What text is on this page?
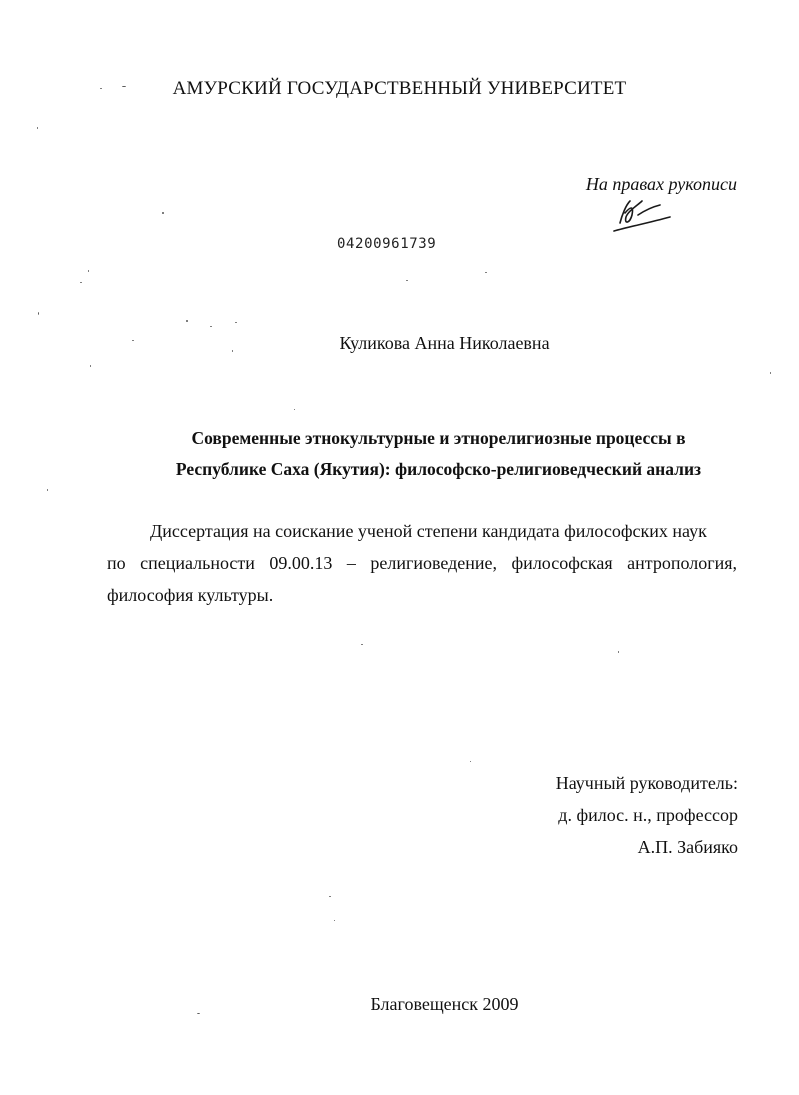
АМУРСКИЙ ГОСУДАРСТВЕННЫЙ УНИВЕРСИТЕТ
На правах рукописи
04200961739
Куликова Анна Николаевна
Современные этнокультурные и этнорелигиозные процессы в
Республике Саха (Якутия): философско-религиоведческий анализ
Диссертация на соискание ученой степени кандидата философских наук
по специальности 09.00.13 – религиоведение, философская антропология,
философия культуры.
Научный руководитель:
д. филос. н., профессор
А.П. Забияко
Благовещенск 2009
